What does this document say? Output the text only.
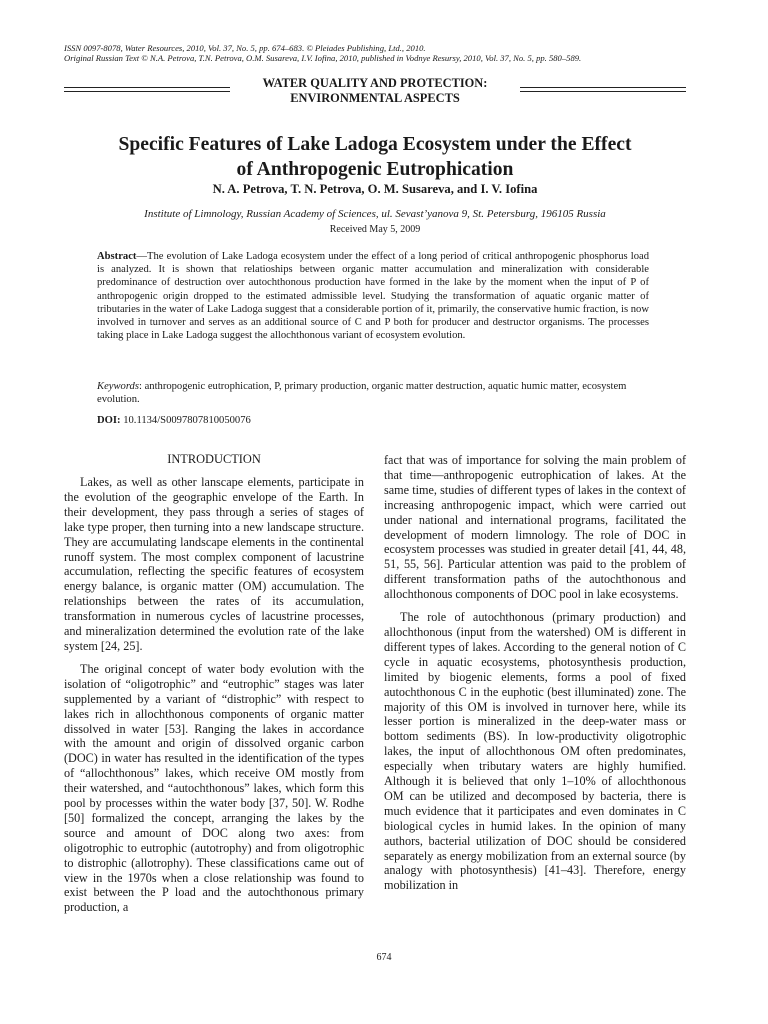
ISSN 0097-8078, Water Resources, 2010, Vol. 37, No. 5, pp. 674–683. © Pleiades Publishing, Ltd., 2010.
Original Russian Text © N.A. Petrova, T.N. Petrova, O.M. Susareva, I.V. Iofina, 2010, published in Vodnye Resursy, 2010, Vol. 37, No. 5, pp. 580–589.
WATER QUALITY AND PROTECTION:
ENVIRONMENTAL ASPECTS
Specific Features of Lake Ladoga Ecosystem under the Effect
of Anthropogenic Eutrophication
N. A. Petrova, T. N. Petrova, O. M. Susareva, and I. V. Iofina
Institute of Limnology, Russian Academy of Sciences, ul. Sevast’yanova 9, St. Petersburg, 196105 Russia
Received May 5, 2009

Abstract—The evolution of Lake Ladoga ecosystem under the effect of a long period of critical anthropogenic phosphorus load is analyzed. It is shown that relatioships between organic matter accumulation and mineralization with considerable predominance of destruction over autochthonous production have formed in the lake by the moment when the input of P of anthropogenic origin dropped to the estimated admissible level. Studying the transformation of aquatic organic matter of tributaries in the water of Lake Ladoga suggest that a considerable portion of it, primarily, the conservative humic fraction, is now involved in turnover and serves as an additional source of C and P both for producer and destructor organisms. The processes taking place in Lake Ladoga suggest the allochthonous variant of ecosystem evolution.

Keywords: anthropogenic eutrophication, P, primary production, organic matter destruction, aquatic humic matter, ecosystem evolution.

DOI: 10.1134/S0097807810050076
INTRODUCTION

Lakes, as well as other lanscape elements, participate in the evolution of the geographic envelope of the Earth. In their development, they pass through a series of stages of lake type proper, then turning into a new landscape structure. They are accumulating landscape elements in the continental runoff system. The most complex component of lacustrine accumulation, reflecting the specific features of ecosystem energy balance, is organic matter (OM) accumulation. The relationships between the rates of its accumulation, transformation in numerous cycles of lacustrine processes, and mineralization determined the evolution rate of the lake system [24, 25].

The original concept of water body evolution with the isolation of “oligotrophic” and “eutrophic” stages was later supplemented by a variant of “distrophic” with respect to lakes rich in allochthonous components of organic matter dissolved in water [53]. Ranging the lakes in accordance with the amount and origin of dissolved organic carbon (DOC) in water has resulted in the identification of the types of “allochthonous” lakes, which receive OM mostly from their watershed, and “autochthonous” lakes, which form this pool by processes within the water body [37, 50]. W. Rodhe [50] formalized the concept, arranging the lakes by the source and amount of DOC along two axes: from oligotrophic to eutrophic (autotrophy) and from oligotrophic to distrophic (allotrophy). These classifications came out of view in the 1970s when a close relationship was found to exist between the P load and the autochthonous primary production, a

fact that was of importance for solving the main problem of that time—anthropogenic eutrophication of lakes. At the same time, studies of different types of lakes in the context of increasing anthropogenic impact, which were carried out under national and international programs, facilitated the development of modern limnology. The role of DOC in ecosystem processes was studied in greater detail [41, 44, 48, 51, 55, 56]. Particular attention was paid to the problem of different transformation paths of the autochthonous and allochthonous components of DOC pool in lake ecosystems.

The role of autochthonous (primary production) and allochthonous (input from the watershed) OM is different in different types of lakes. According to the general notion of C cycle in aquatic ecosystems, photosynthesis production, limited by biogenic elements, forms a pool of fixed autochthonous C in the euphotic (best illuminated) zone. The majority of this OM is involved in turnover here, while its lesser portion is mineralized in the deep-water mass or bottom sediments (BS). In low-productivity oligotrophic lakes, the input of allochthonous OM often predominates, especially when tributary waters are highly humified. Although it is believed that only 1–10% of allochthonous OM can be utilized and decomposed by bacteria, there is much evidence that it participates and even dominates in C biological cycles in humid lakes. In the opinion of many authors, bacterial utilization of DOC should be considered separately as energy mobilization from an external source (by analogy with photosynthesis) [41–43]. Therefore, energy mobilization in

674
